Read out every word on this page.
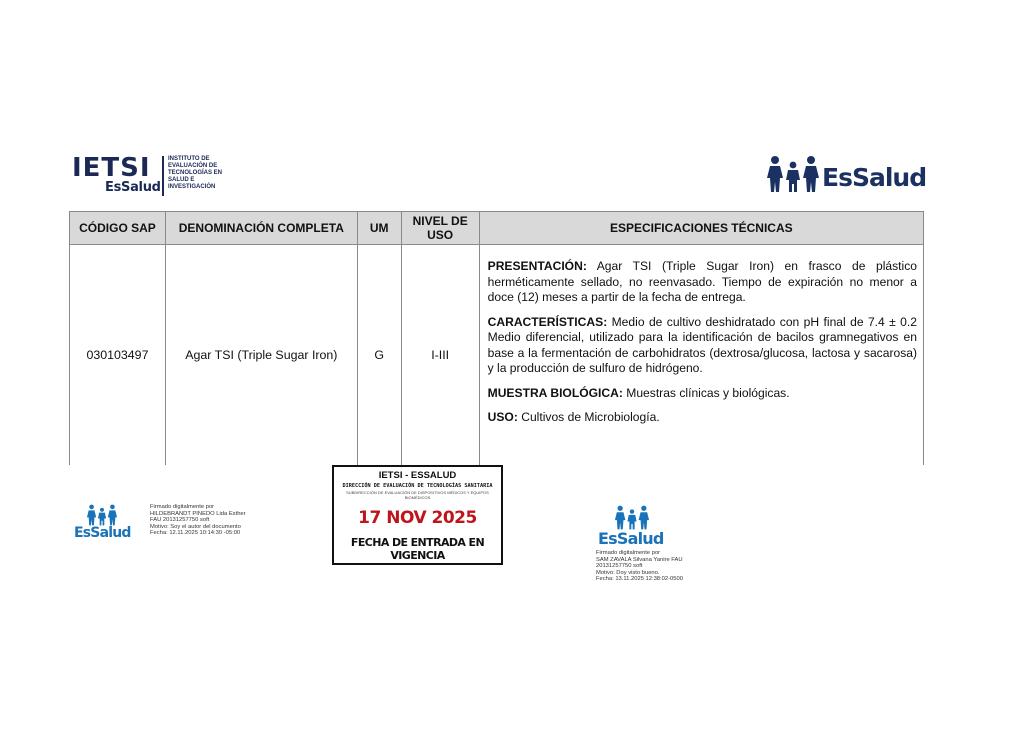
IETSI
EsSalud
INSTITUTO DE
EVALUACIÓN DE
TECNOLOGÍAS EN
SALUD E
INVESTIGACIÓN	EsSalud
CÓDIGO SAP	DENOMINACIÓN COMPLETA	UM	NIVEL DE USO	ESPECIFICACIONES TÉCNICAS
030103497	Agar TSI (Triple Sugar Iron)	G	I-III	PRESENTACIÓN: Agar TSI (Triple Sugar Iron) en frasco de plástico herméticamente sellado, no reenvasado. Tiempo de expiración no menor a doce (12) meses a partir de la fecha de entrega.

CARACTERÍSTICAS: Medio de cultivo deshidratado con pH final de 7.4 ± 0.2 Medio diferencial, utilizado para la identificación de bacilos gramnegativos en base a la fermentación de carbohidratos (dextrosa/glucosa, lactosa y sacarosa) y la producción de sulfuro de hidrógeno.

MUESTRA BIOLÓGICA: Muestras clínicas y biológicas.

USO: Cultivos de Microbiología.

IETSI - ESSALUD
DIRECCIÓN DE EVALUACIÓN DE TECNOLOGÍAS SANITARIA
SUBDIRECCIÓN DE EVALUACIÓN DE DISPOSITIVOS MÉDICOS Y EQUIPOS BIOMÉDICOS
17 NOV 2025
FECHA DE ENTRADA EN VIGENCIA
EsSalud
Firmado digitalmente por
HILDEBRANDT PINEDO Lida Esther
FAU 20131257750 soft
Motivo: Soy el autor del documento
Fecha: 12.11.2025 10:14:30 -05:00	EsSalud
Firmado digitalmente por
SAM ZAVALA Silvana Yanire FAU
20131257750 soft
Motivo: Doy visto bueno.
Fecha: 13.11.2025 12:38:02-0500
